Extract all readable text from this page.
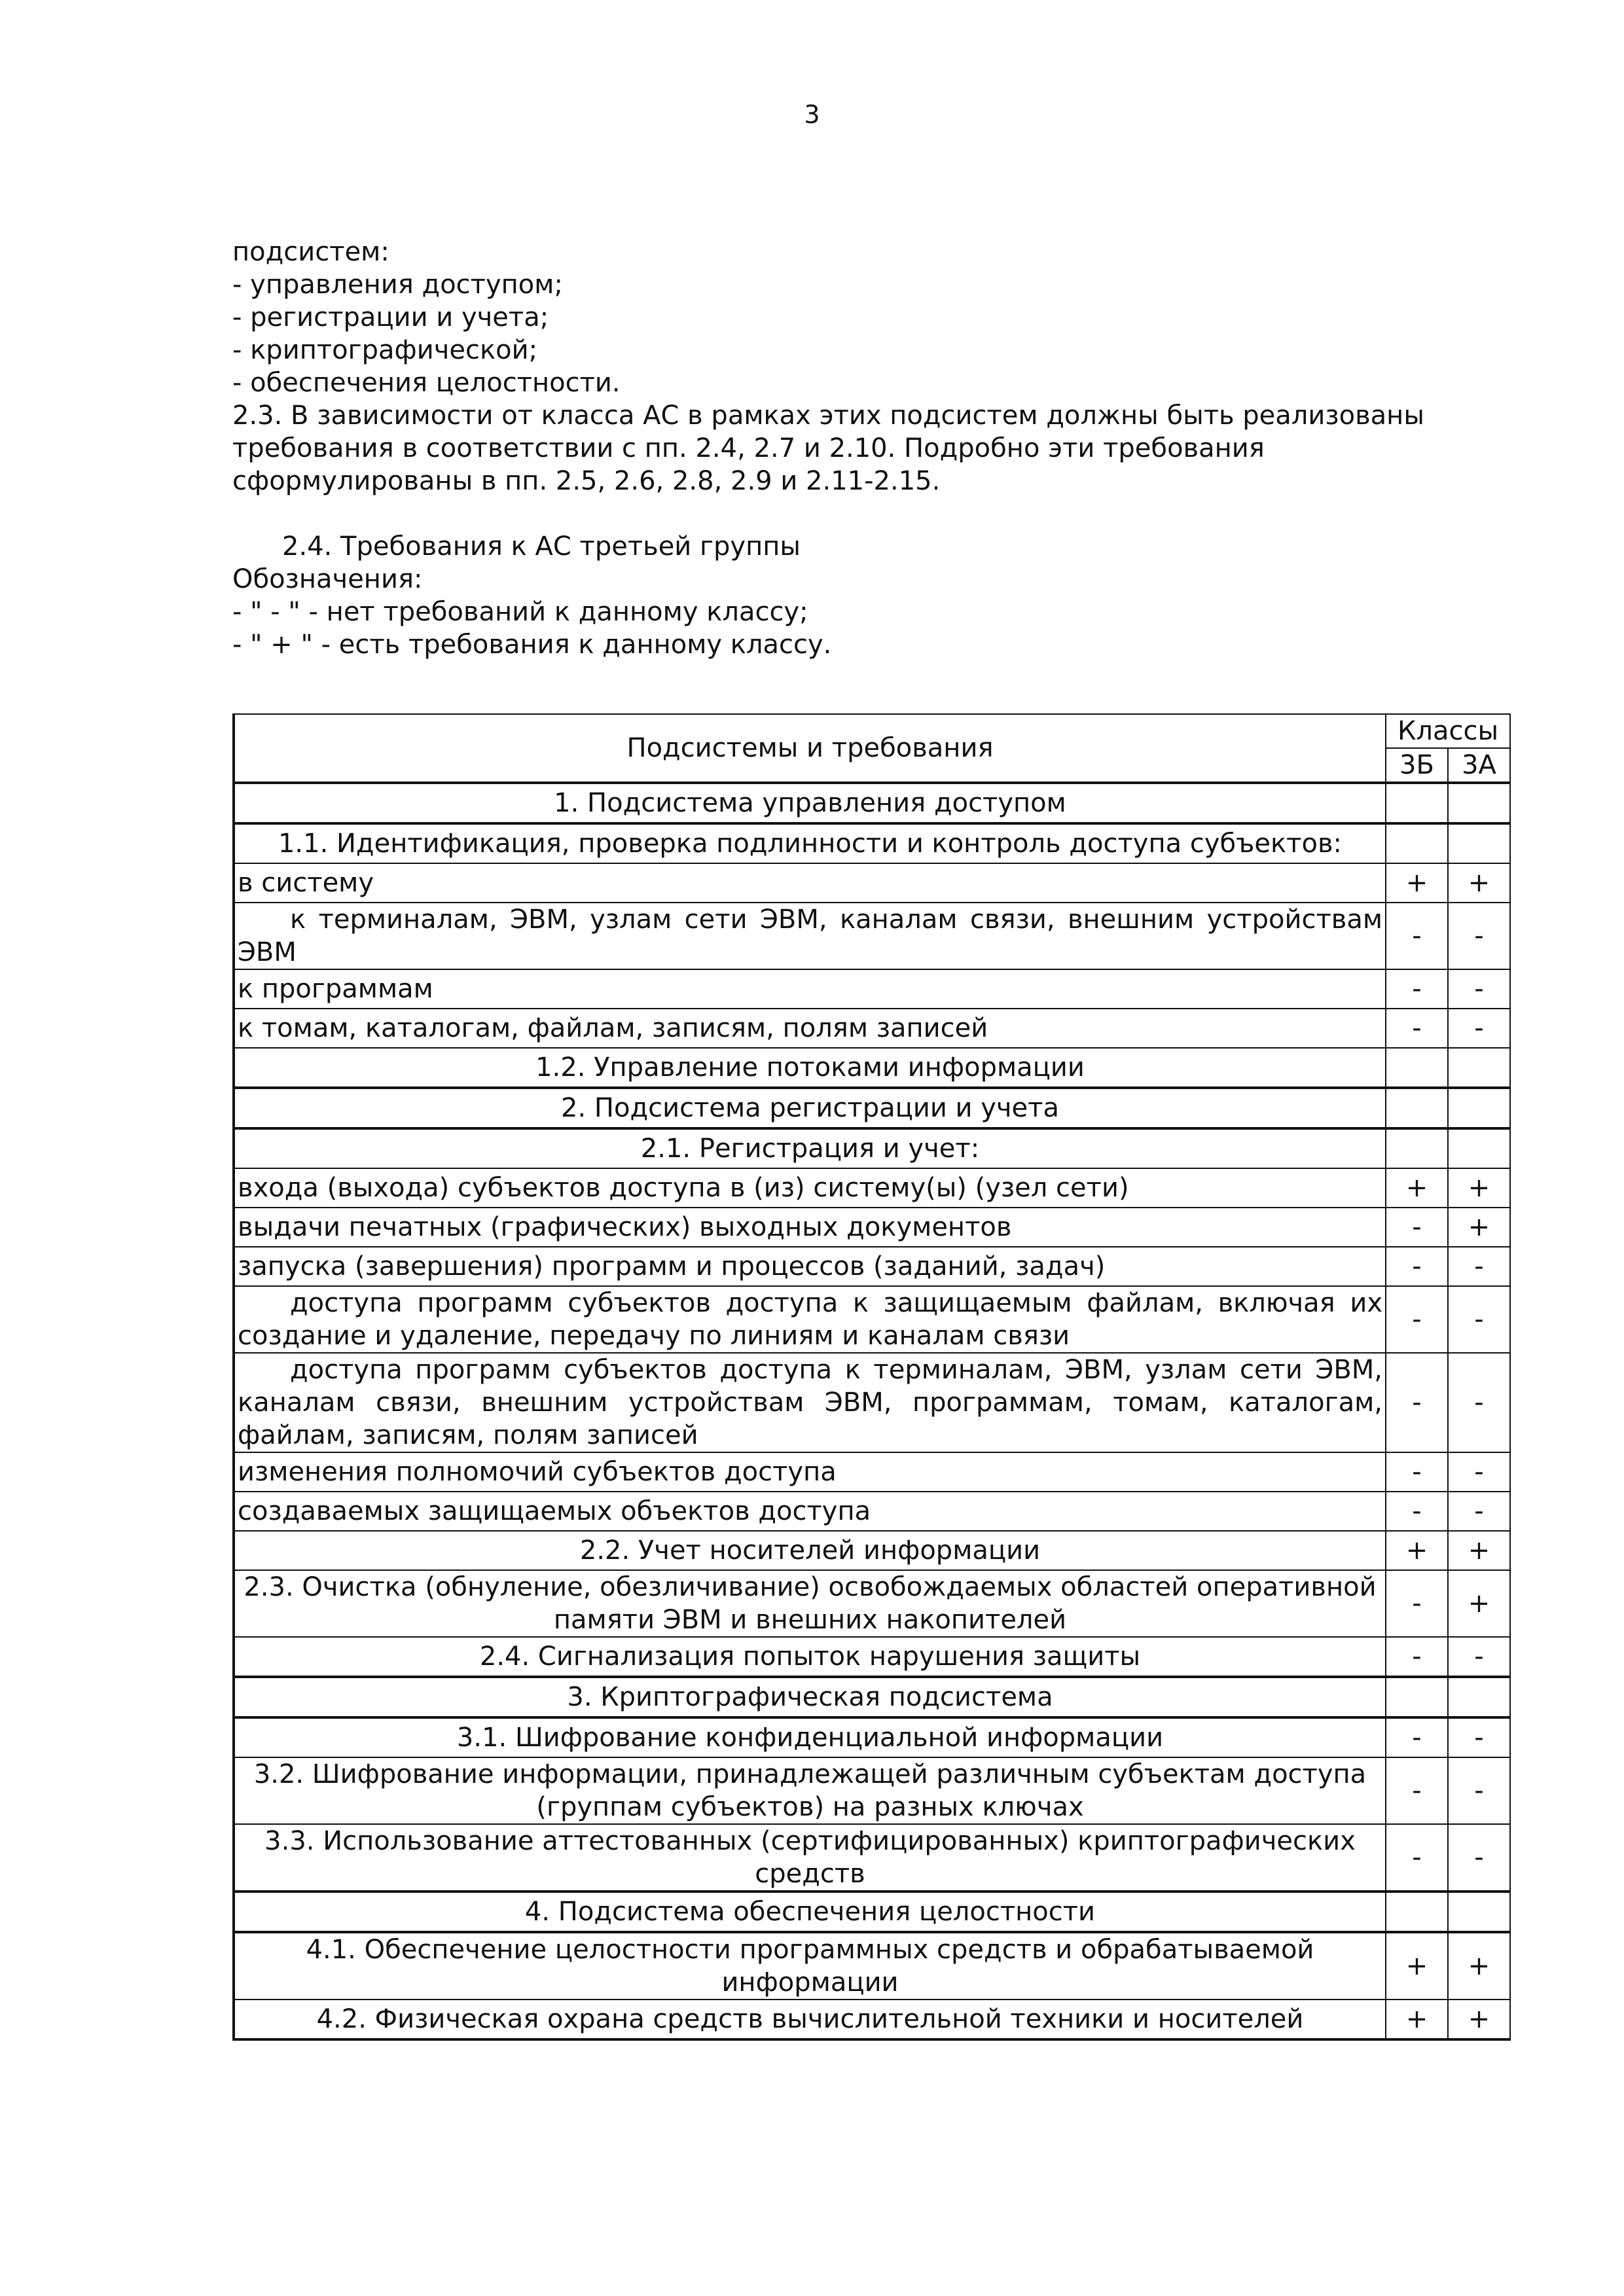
3

подсистем:

- управления доступом;

- регистрации и учета;

- криптографической;

- обеспечения целостности.

2.3. В зависимости от класса АС в рамках этих подсистем должны быть реализованы

требования в соответствии с пп. 2.4, 2.7 и 2.10. Подробно эти требования

сформулированы в пп. 2.5, 2.6, 2.8, 2.9 и 2.11-2.15.

2.4. Требования к АС третьей группы

Обозначения:

- " - " - нет требований к данному классу;

- " + " - есть требования к данному классу.

Подсистемы и требования	Классы	
	3Б	3А
1. Подсистема управления доступом		
1.1. Идентификация, проверка подлинности и контроль доступа субъектов:		
в систему	+	+
к терминалам, ЭВМ, узлам сети ЭВМ, каналам связи, внешним устройствам ЭВМ	-	-
к программам	-	-
к томам, каталогам, файлам, записям, полям записей	-	-
1.2. Управление потоками информации		
2. Подсистема регистрации и учета		
2.1. Регистрация и учет:		
входа (выхода) субъектов доступа в (из) систему(ы) (узел сети)	+	+
выдачи печатных (графических) выходных документов	-	+
запуска (завершения) программ и процессов (заданий, задач)	-	-
доступа программ субъектов доступа к защищаемым файлам, включая их создание и удаление, передачу по линиям и каналам связи	-	-
доступа программ субъектов доступа к терминалам, ЭВМ, узлам сети ЭВМ, каналам связи, внешним устройствам ЭВМ, программам, томам, каталогам, файлам, записям, полям записей	-	-
изменения полномочий субъектов доступа	-	-
создаваемых защищаемых объектов доступа	-	-
2.2. Учет носителей информации	+	+
2.3. Очистка (обнуление, обезличивание) освобождаемых областей оперативной памяти ЭВМ и внешних накопителей	-	+
2.4. Сигнализация попыток нарушения защиты	-	-
3. Криптографическая подсистема		
3.1. Шифрование конфиденциальной информации	-	-
3.2. Шифрование информации, принадлежащей различным субъектам доступа (группам субъектов) на разных ключах	-	-
3.3. Использование аттестованных (сертифицированных) криптографических средств	-	-
4. Подсистема обеспечения целостности		
4.1. Обеспечение целостности программных средств и обрабатываемой информации	+	+
4.2. Физическая охрана средств вычислительной техники и носителей	+	+
